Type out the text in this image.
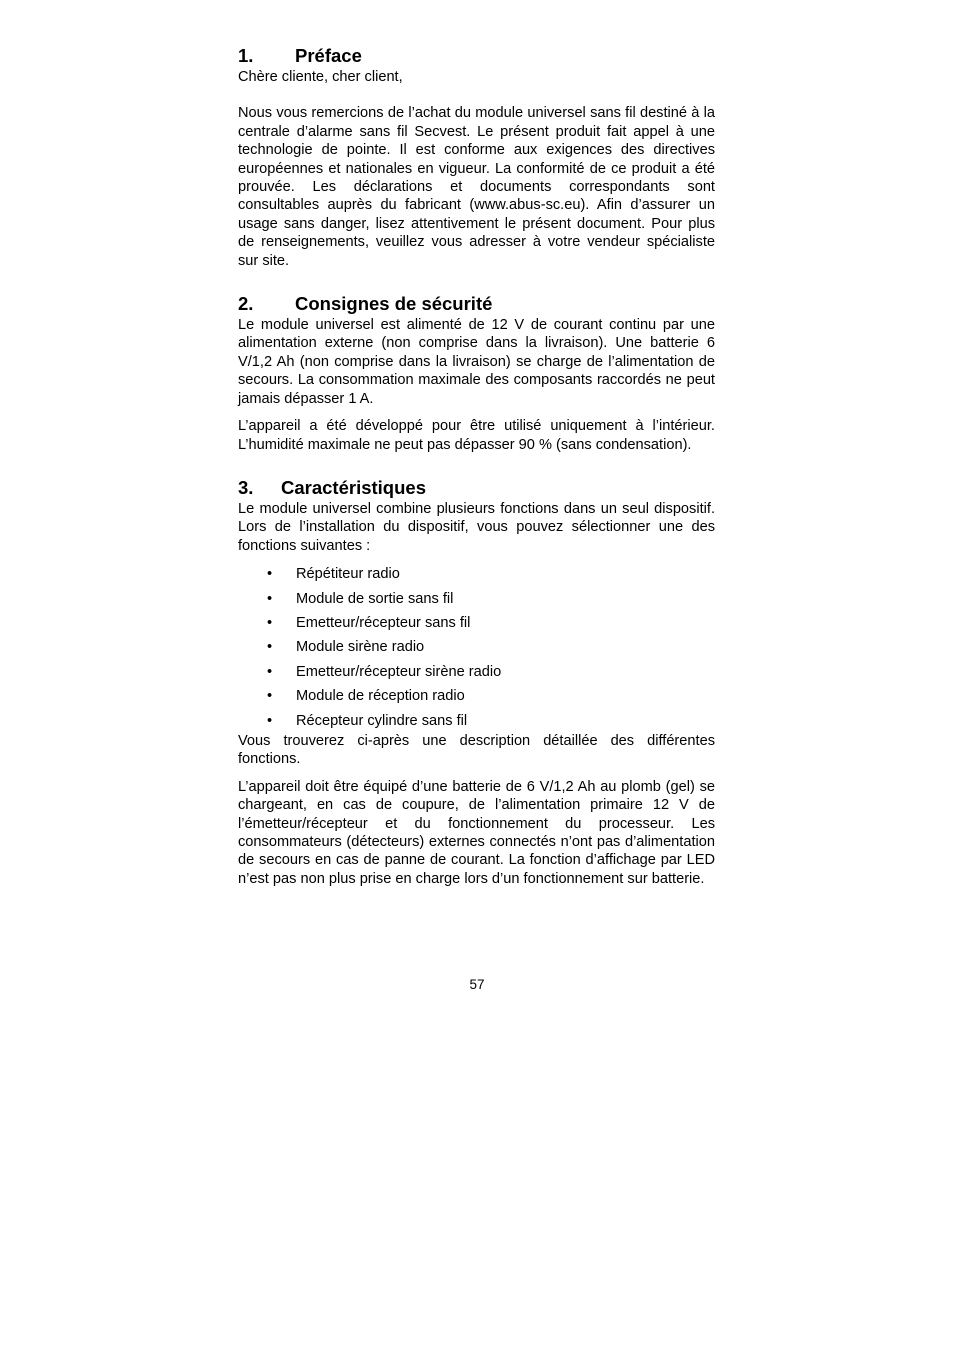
1.	Préface

Chère cliente, cher client,

Nous vous remercions de l’achat du module universel sans fil destiné à la centrale d’alarme sans fil Secvest. Le présent produit fait appel à une technologie de pointe. Il est conforme aux exigences des directives européennes et nationales en vigueur. La conformité de ce produit a été prouvée. Les déclarations et documents correspondants sont consultables auprès du fabricant (www.abus-sc.eu). Afin d’assurer un usage sans danger, lisez attentivement le présent document. Pour plus de renseignements, veuillez vous adresser à votre vendeur spécialiste sur site.

2.	Consignes de sécurité

Le module universel est alimenté de 12 V de courant continu par une alimentation externe (non comprise dans la livraison). Une batterie 6 V/1,2 Ah (non comprise dans la livraison) se charge de l’alimentation de secours. La consommation maximale des composants raccordés ne peut jamais dépasser 1 A.

L’appareil a été développé pour être utilisé uniquement à l’intérieur. L’humidité maximale ne peut pas dépasser 90 % (sans condensation).

3.	Caractéristiques

Le module universel combine plusieurs fonctions dans un seul dispositif. Lors de l’installation du dispositif, vous pouvez sélectionner une des fonctions suivantes :

• Répétiteur radio
• Module de sortie sans fil
• Emetteur/récepteur sans fil
• Module sirène radio
• Emetteur/récepteur sirène radio
• Module de réception radio
• Récepteur cylindre sans fil

Vous trouverez ci-après une description détaillée des différentes fonctions.

L’appareil doit être équipé d’une batterie de 6 V/1,2 Ah au plomb (gel) se chargeant, en cas de coupure, de l’alimentation primaire 12 V de l’émetteur/récepteur et du fonctionnement du processeur. Les consommateurs (détecteurs) externes connectés n’ont pas d’alimentation de secours en cas de panne de courant. La fonction d’affichage par LED n’est pas non plus prise en charge lors d’un fonctionnement sur batterie.

57
